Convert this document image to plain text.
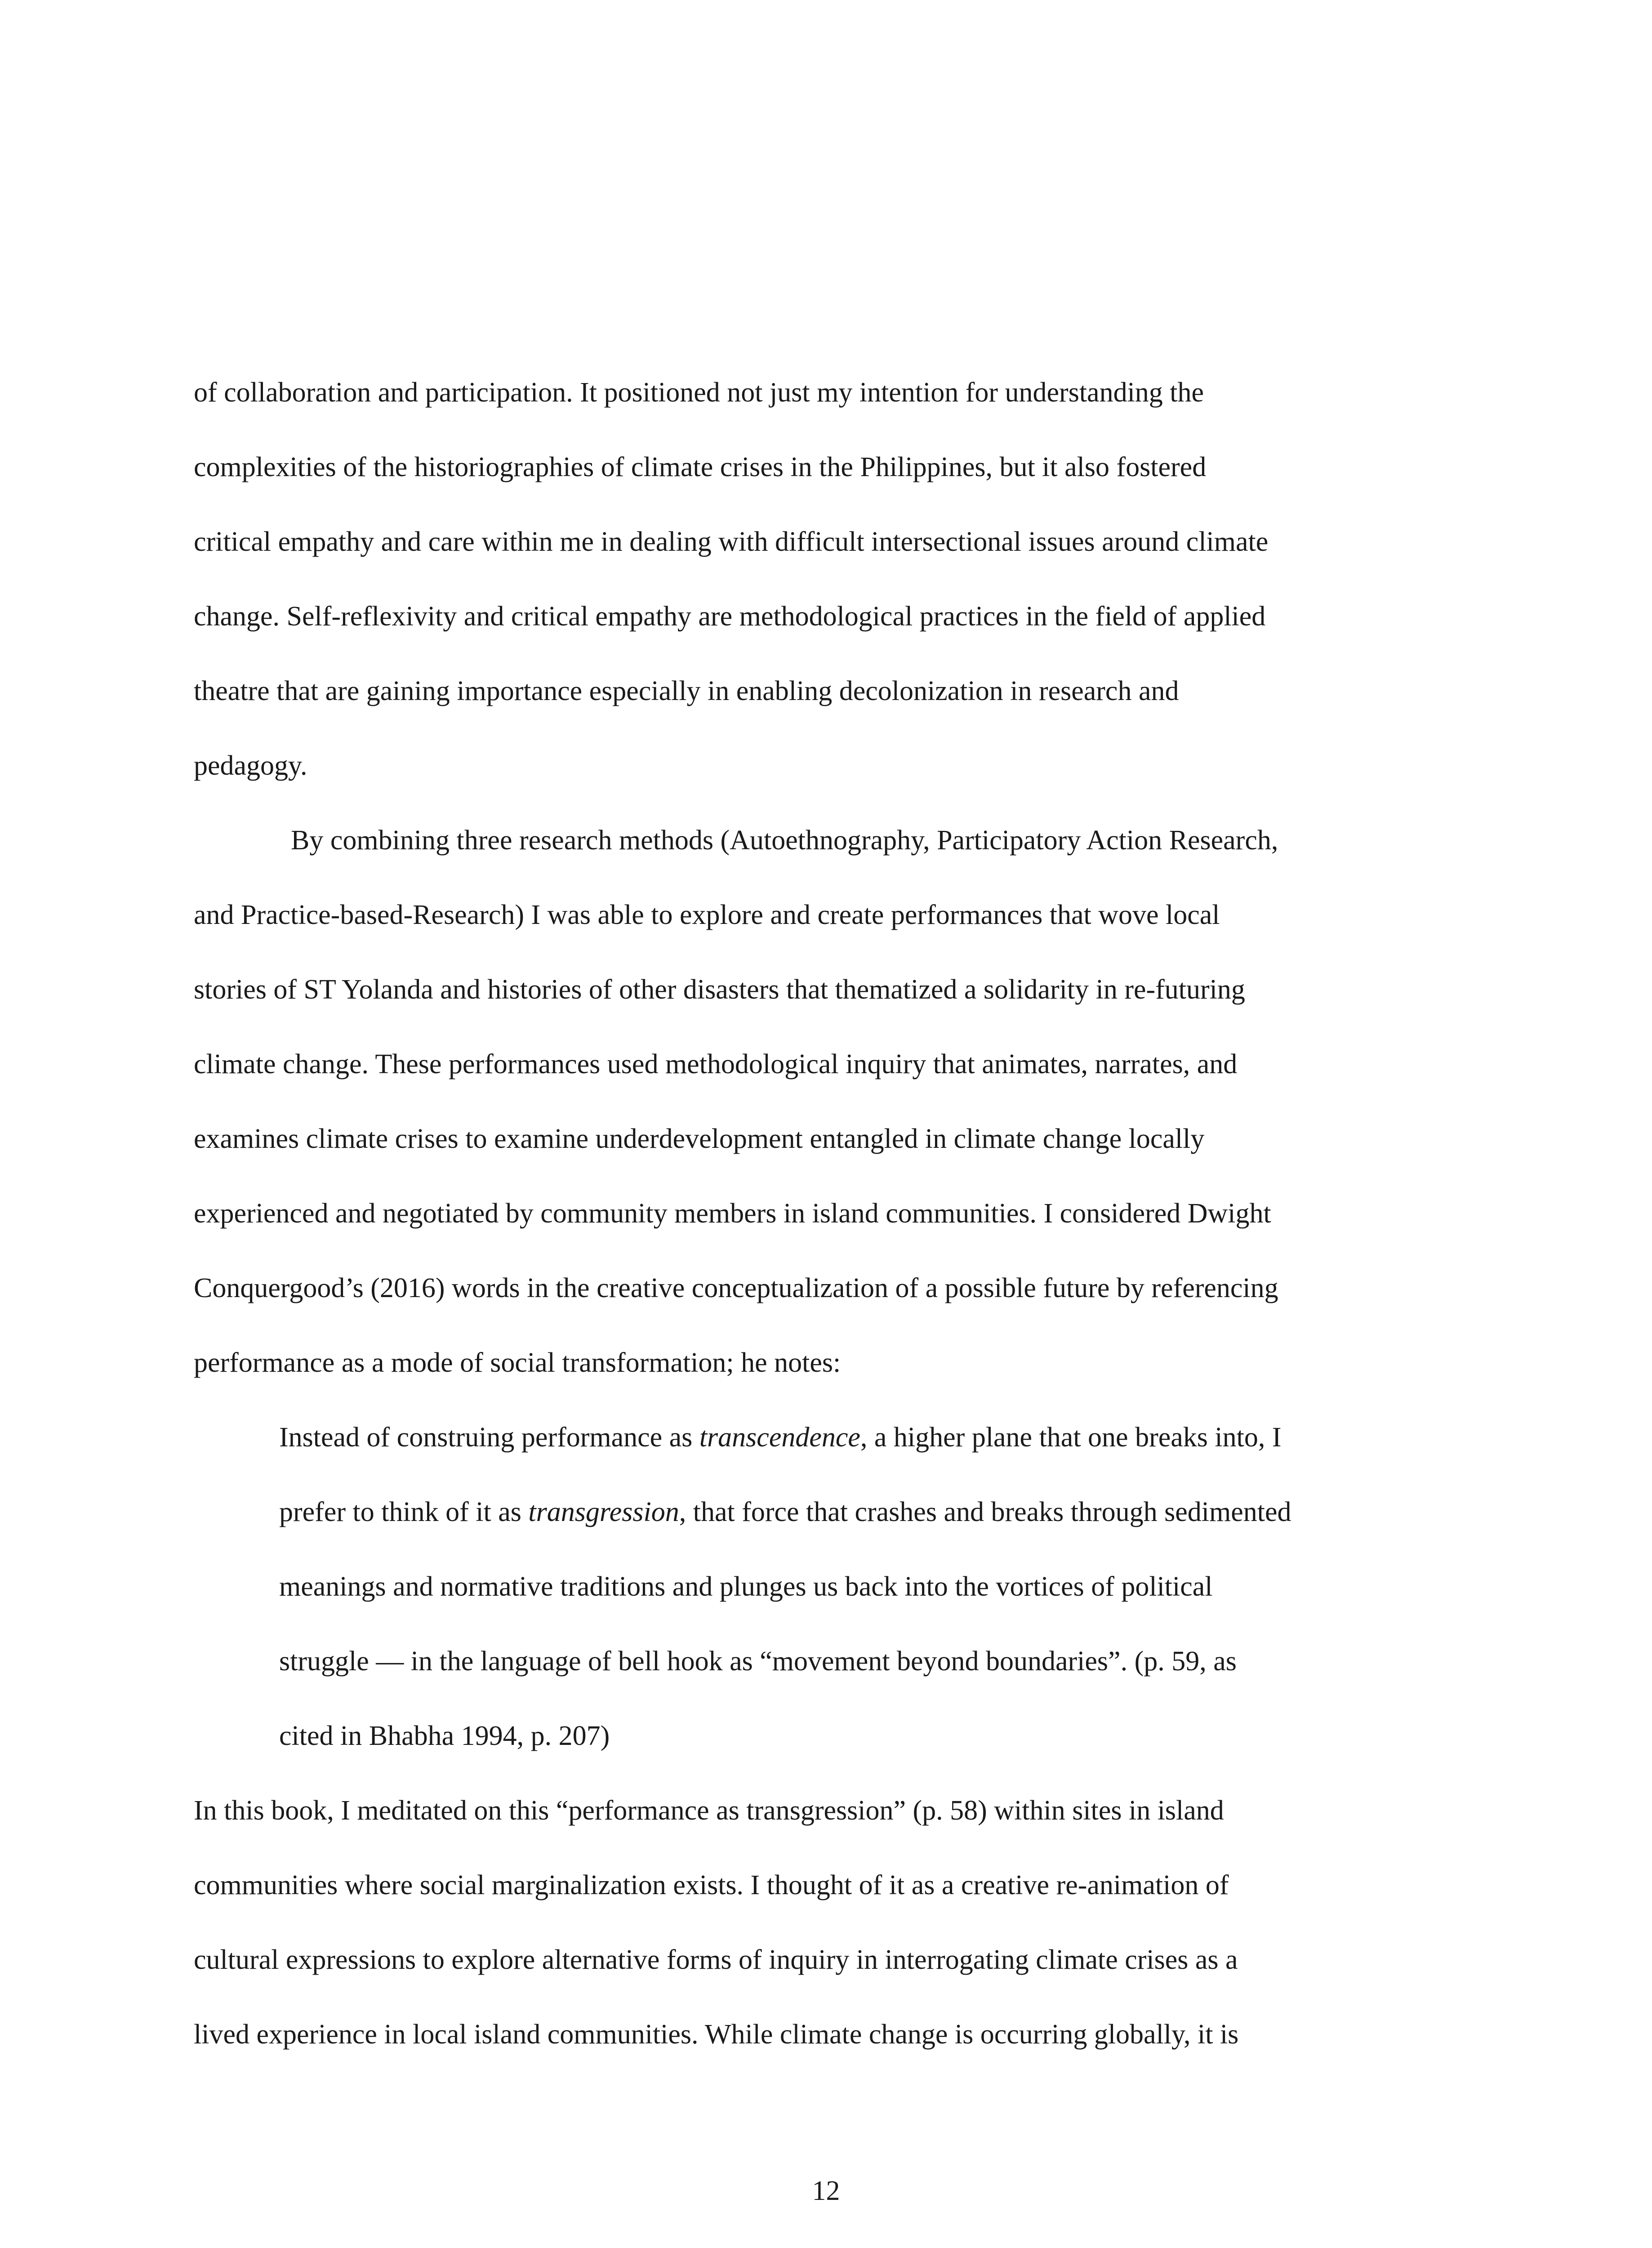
of collaboration and participation. It positioned not just my intention for understanding the
complexities of the historiographies of climate crises in the Philippines, but it also fostered
critical empathy and care within me in dealing with difficult intersectional issues around climate
change. Self-reflexivity and critical empathy are methodological practices in the field of applied
theatre that are gaining importance especially in enabling decolonization in research and
pedagogy.

By combining three research methods (Autoethnography, Participatory Action Research,
and Practice-based-Research) I was able to explore and create performances that wove local
stories of ST Yolanda and histories of other disasters that thematized a solidarity in re-futuring
climate change. These performances used methodological inquiry that animates, narrates, and
examines climate crises to examine underdevelopment entangled in climate change locally
experienced and negotiated by community members in island communities. I considered Dwight
Conquergood’s (2016) words in the creative conceptualization of a possible future by referencing
performance as a mode of social transformation; he notes:

Instead of construing performance as transcendence, a higher plane that one breaks into, I
prefer to think of it as transgression, that force that crashes and breaks through sedimented
meanings and normative traditions and plunges us back into the vortices of political
struggle — in the language of bell hook as “movement beyond boundaries”. (p. 59, as
cited in Bhabha 1994, p. 207)

In this book, I meditated on this “performance as transgression” (p. 58) within sites in island
communities where social marginalization exists. I thought of it as a creative re-animation of
cultural expressions to explore alternative forms of inquiry in interrogating climate crises as a
lived experience in local island communities. While climate change is occurring globally, it is

12
